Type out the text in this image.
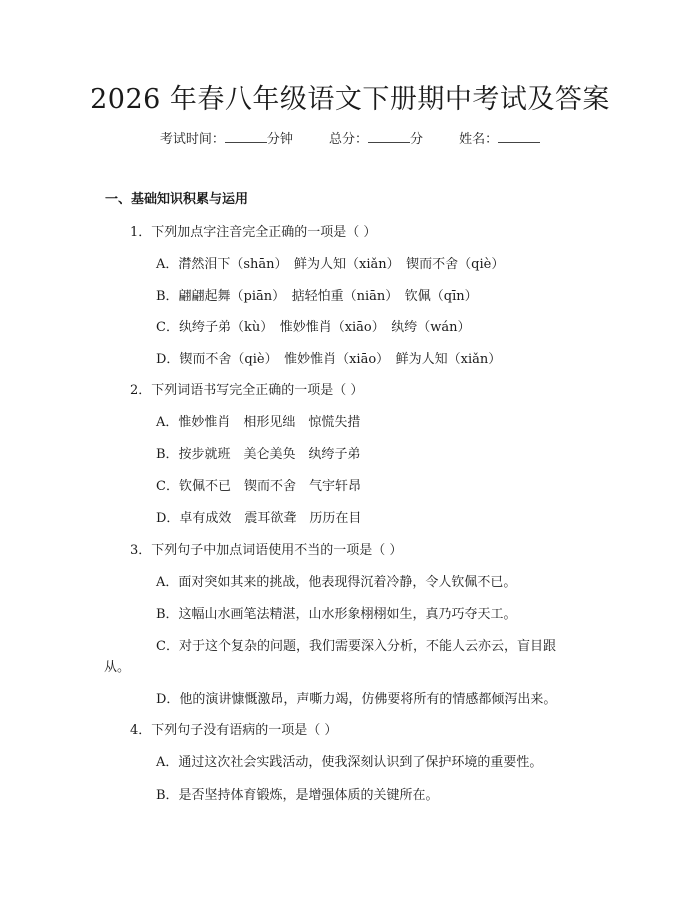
2026 年春八年级语文下册期中考试及答案
考试时间：	分钟	总分：	分	姓名：
一、基础知识积累与运用
1．下列加点字注音完全正确的一项是（ ）
A．潸然泪下（shān）　鲜为人知（xiǎn）　锲而不舍（qiè）
B．翩翩起舞（piān）　掂轻怕重（niān）　钦佩（qīn）
C．纨绔子弟（kù）　惟妙惟肖（xiāo）　纨绔（wán）
D．锲而不舍（qiè）　惟妙惟肖（xiāo）　鲜为人知（xiǎn）
2．下列词语书写完全正确的一项是（ ）
A．惟妙惟肖　相形见绌　惊慌失措
B．按步就班　美仑美奂　纨绔子弟
C．钦佩不已　锲而不舍　气宇轩昂
D．卓有成效　震耳欲聋　历历在目
3．下列句子中加点词语使用不当的一项是（ ）
A．面对突如其来的挑战，他表现得沉着冷静，令人钦佩不已。
B．这幅山水画笔法精湛，山水形象栩栩如生，真乃巧夺天工。
C．对于这个复杂的问题，我们需要深入分析，不能人云亦云，盲目跟
从。
D．他的演讲慷慨激昂，声嘶力竭，仿佛要将所有的情感都倾泻出来。
4．下列句子没有语病的一项是（ ）
A．通过这次社会实践活动，使我深刻认识到了保护环境的重要性。
B．是否坚持体育锻炼，是增强体质的关键所在。
